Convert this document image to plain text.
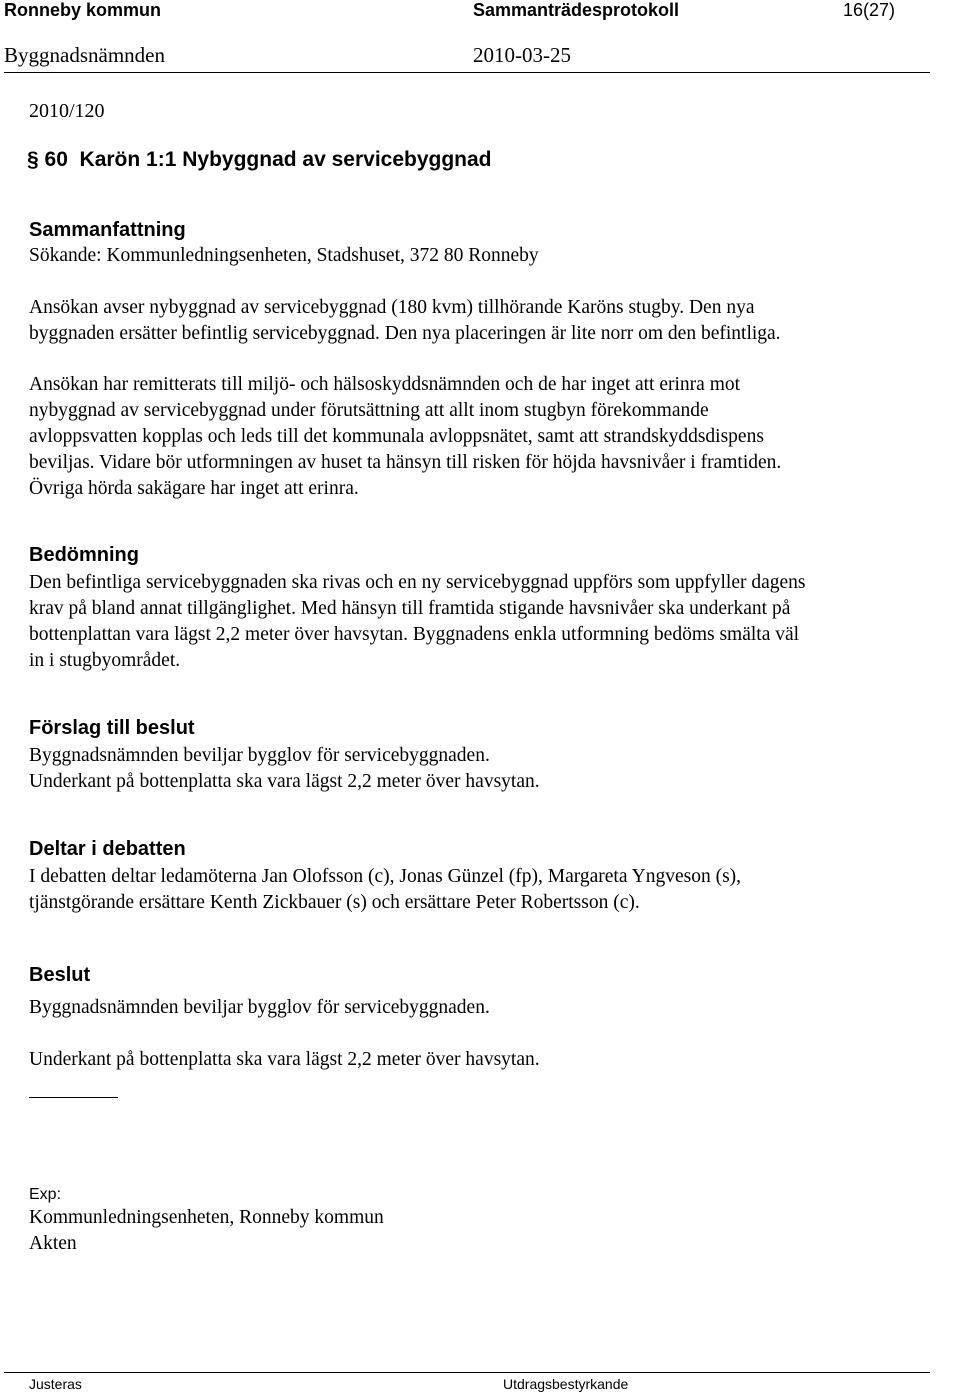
Ronneby kommun	Sammanträdesprotokoll	16(27)
Byggnadsnämnden	2010-03-25
2010/120
§ 60  Karön 1:1 Nybyggnad av servicebyggnad
Sammanfattning

Sökande: Kommunledningsenheten, Stadshuset, 372 80 Ronneby

Ansökan avser nybyggnad av servicebyggnad (180 kvm) tillhörande Karöns stugby. Den nya

byggnaden ersätter befintlig servicebyggnad. Den nya placeringen är lite norr om den befintliga.

Ansökan har remitterats till miljö- och hälsoskyddsnämnden och de har inget att erinra mot

nybyggnad av servicebyggnad under förutsättning att allt inom stugbyn förekommande

avloppsvatten kopplas och leds till det kommunala avloppsnätet, samt att strandskyddsdispens

beviljas. Vidare bör utformningen av huset ta hänsyn till risken för höjda havsnivåer i framtiden.

Övriga hörda sakägare har inget att erinra.

Bedömning

Den befintliga servicebyggnaden ska rivas och en ny servicebyggnad uppförs som uppfyller dagens

krav på bland annat tillgänglighet. Med hänsyn till framtida stigande havsnivåer ska underkant på

bottenplattan vara lägst 2,2 meter över havsytan. Byggnadens enkla utformning bedöms smälta väl

in i stugbyområdet.

Förslag till beslut

Byggnadsnämnden beviljar bygglov för servicebyggnaden.

Underkant på bottenplatta ska vara lägst 2,2 meter över havsytan.

Deltar i debatten

I debatten deltar ledamöterna Jan Olofsson (c), Jonas Günzel (fp), Margareta Yngveson (s),

tjänstgörande ersättare Kenth Zickbauer (s) och ersättare Peter Robertsson (c).

Beslut

Byggnadsnämnden beviljar bygglov för servicebyggnaden.

Underkant på bottenplatta ska vara lägst 2,2 meter över havsytan.

Exp:

Kommunledningsenheten, Ronneby kommun

Akten

Justeras	Utdragsbestyrkande
